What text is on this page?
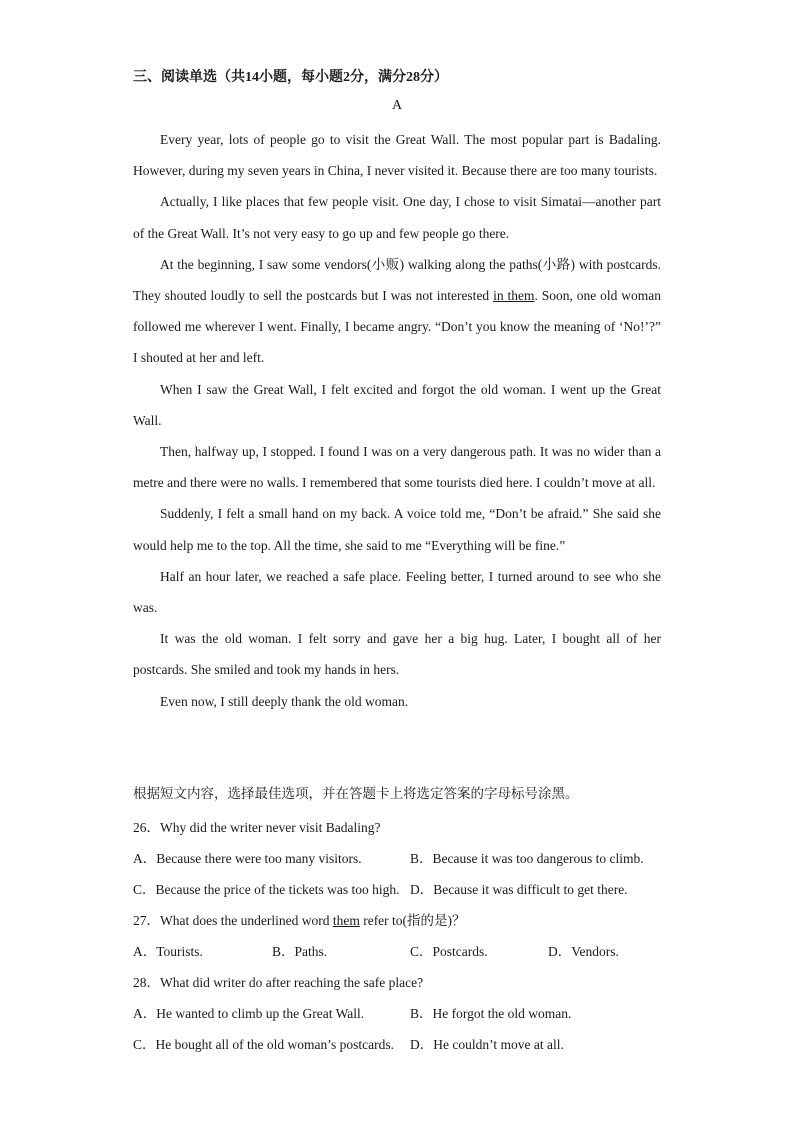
三、阅读单选（共14小题，每小题2分，满分28分）
A

Every year, lots of people go to visit the Great Wall. The most popular part is Badaling. However, during my seven years in China, I never visited it. Because there are too many tourists.

Actually, I like places that few people visit. One day, I chose to visit Simatai—another part of the Great Wall. It’s not very easy to go up and few people go there.

At the beginning, I saw some vendors(小贩) walking along the paths(小路) with postcards. They shouted loudly to sell the postcards but I was not interested in them. Soon, one old woman followed me wherever I went. Finally, I became angry. “Don’t you know the meaning of ‘No!’?” I shouted at her and left.

When I saw the Great Wall, I felt excited and forgot the old woman. I went up the Great Wall.

Then, halfway up, I stopped. I found I was on a very dangerous path. It was no wider than a metre and there were no walls. I remembered that some tourists died here. I couldn’t move at all.

Suddenly, I felt a small hand on my back. A voice told me, “Don’t be afraid.” She said she would help me to the top. All the time, she said to me “Everything will be fine.”

Half an hour later, we reached a safe place. Feeling better, I turned around to see who she was.

It was the old woman. I felt sorry and gave her a big hug. Later, I bought all of her postcards. She smiled and took my hands in hers.

Even now, I still deeply thank the old woman.

根据短文内容，选择最佳选项，并在答题卡上将选定答案的字母标号涂黑。
26．Why did the writer never visit Badaling?
A．Because there were too many visitors.	B．Because it was too dangerous to climb.
C．Because the price of the tickets was too high. D．Because it was difficult to get there.
27．What does the underlined word them refer to(指的是)？
A．Tourists.	B．Paths.	C．Postcards.	D．Vendors.
28．What did writer do after reaching the safe place?
A．He wanted to climb up the Great Wall.	B．He forgot the old woman.
C．He bought all of the old woman’s postcards. D．He couldn’t move at all.
